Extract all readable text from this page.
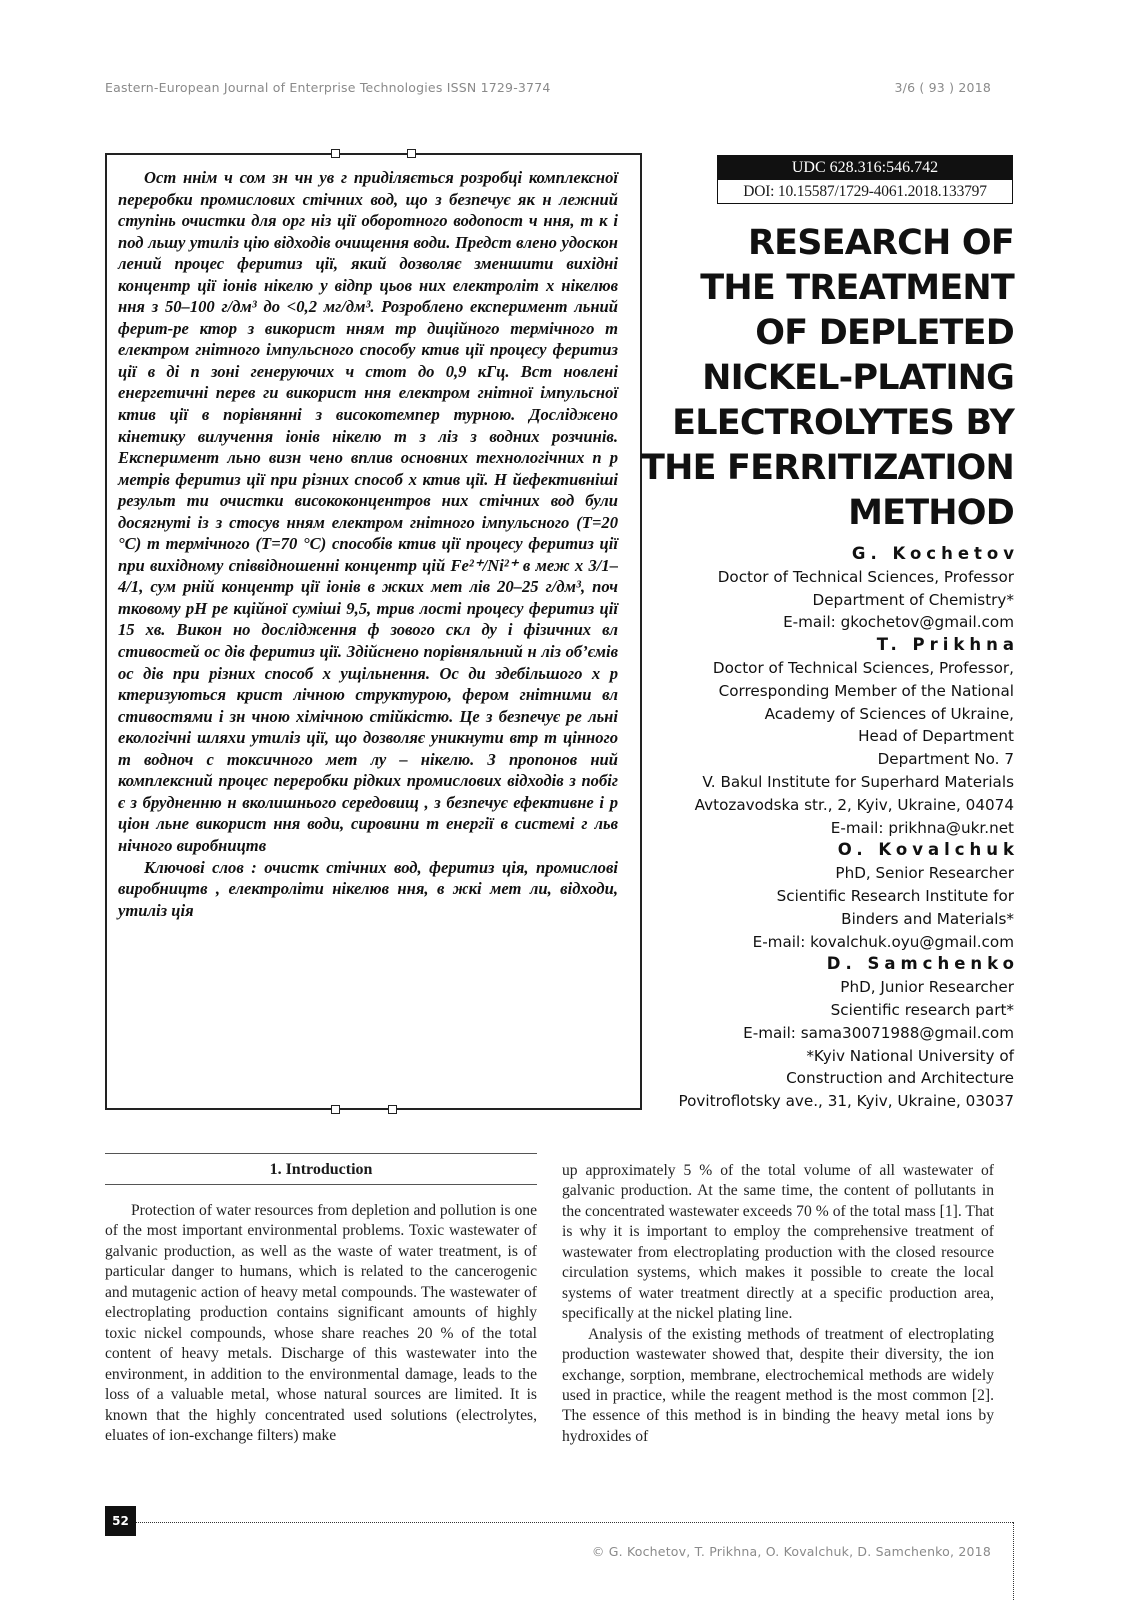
Eastern-European Journal of Enterprise Technologies ISSN 1729-3774	3/6 ( 93 ) 2018

Ост ннім ч сом зн чн ув г приділяється розробці комплексної переробки промислових стічних вод, що з безпечує як н лежний ступінь очистки для орг ніз ції оборотного водопост ч ння, т к і под льшу утиліз цію відходів очищення води. Предст влено удоскон лений процес феритиз ції, який дозволяє зменшити вихідні концентр ції іонів нікелю у відпр цьов них електроліт х нікелюв ння з 50–100 г/дм³ до <0,2 мг/дм³. Розроблено експеримент льний ферит-ре ктор з використ нням тр диційного термічного т електром гнітного імпульсного способу ктив ції процесу феритиз ції в ді п зоні генеруючих ч стот до 0,9 кГц. Вст новлені енергетичні перев ги використ ння електром гнітної імпульсної ктив ції в порівнянні з високотемпер турною. Досліджено кінетику вилучення іонів нікелю т з ліз з водних розчинів. Експеримент льно визн чено вплив основних технологічних п р метрів феритиз ції при різних способ х ктив ції. Н йефективніші результ ти очистки висококонцентров них стічних вод були досягнуті із з стосув нням електром гнітного імпульсного (T=20 °C) т термічного (T=70 °C) способів ктив ції процесу феритиз ції при вихідному співвідношенні концентр цій Fe²⁺/Ni²⁺ в меж х 3/1–4/1, сум рній концентр ції іонів в жких мет лів 20–25 г/дм³, поч тковому pH ре кційної суміші 9,5, трив лості процесу феритиз ції 15 хв. Викон но дослідження ф зового скл ду і фізичних вл стивостей ос дів феритиз ції. Здійснено порівняльний н ліз об’ємів ос дів при різних способ х ущільнення. Ос ди здебільшого х р ктеризуються крист лічною структурою, фером гнітними вл стивостями і зн чною хімічною стійкістю. Це з безпечує ре льні екологічні шляхи утиліз ції, що дозволяє уникнути втр т цінного т водноч с токсичного мет лу – нікелю. З пропонов ний комплексний процес переробки рідких промислових відходів з побіг є з брудненню н вколишнього середовищ , з безпечує ефективне і р ціон льне використ ння води, сировини т енергії в системі г льв нічного виробництв

Ключові слов : очистк стічних вод, феритиз ція, промислові виробництв , електроліти нікелюв ння, в жкі мет ли, відходи, утиліз ція

UDC 628.316:546.742
DOI: 10.15587/1729-4061.2018.133797
RESEARCH OF
THE TREATMENT
OF DEPLETED
NICKEL-PLATING
ELECTROLYTES BY
THE FERRITIZATION
METHOD
G. Kochetov
Doctor of Technical Sciences, Professor
Department of Chemistry*
E-mail: gkochetov@gmail.com
T. Prikhna
Doctor of Technical Sciences, Professor,
Corresponding Member of the National
Academy of Sciences of Ukraine,
Head of Department
Department No. 7
V. Bakul Institute for Superhard Materials
Avtozavodska str., 2, Kyiv, Ukraine, 04074
E-mail: prikhna@ukr.net
O. Kovalchuk
PhD, Senior Researcher
Scientific Research Institute for
Binders and Materials*
E-mail: kovalchuk.oyu@gmail.com
D. Samchenko
PhD, Junior Researcher
Scientific research part*
E-mail: sama30071988@gmail.com
*Kyiv National University of
Construction and Architecture
Povitroflotsky ave., 31, Kyiv, Ukraine, 03037
1. Introduction

Protection of water resources from depletion and pollution is one of the most important environmental problems. Toxic wastewater of galvanic production, as well as the waste of water treatment, is of particular danger to humans, which is related to the cancerogenic and mutagenic action of heavy metal compounds. The wastewater of electroplating production contains significant amounts of highly toxic nickel compounds, whose share reaches 20 % of the total content of heavy metals. Discharge of this wastewater into the environment, in addition to the environmental damage, leads to the loss of a valuable metal, whose natural sources are limited. It is known that the highly concentrated used solutions (electrolytes, eluates of ion-exchange filters) make

up approximately 5 % of the total volume of all wastewater of galvanic production. At the same time, the content of pollutants in the concentrated wastewater exceeds 70 % of the total mass [1]. That is why it is important to employ the comprehensive treatment of wastewater from electroplating production with the closed resource circulation systems, which makes it possible to create the local systems of water treatment directly at a specific production area, specifically at the nickel plating line.

Analysis of the existing methods of treatment of electroplating production wastewater showed that, despite their diversity, the ion exchange, sorption, membrane, electrochemical methods are widely used in practice, while the reagent method is the most common [2]. The essence of this method is in binding the heavy metal ions by hydroxides of

52
© G. Kochetov, T. Prikhna, O. Kovalchuk, D. Samchenko, 2018
